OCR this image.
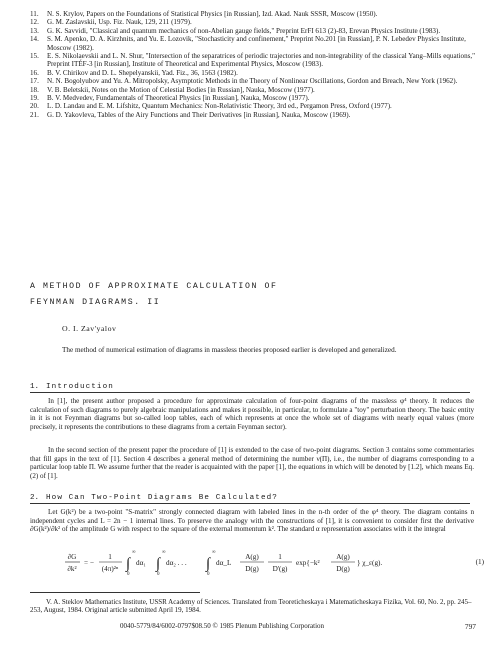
11.	N. S. Krylov, Papers on the Foundations of Statistical Physics [in Russian], Izd. Akad. Nauk SSSR, Moscow (1950).
12.	G. M. Zaslavskii, Usp. Fiz. Nauk, 129, 211 (1979).
13.	G. K. Savvidi, "Classical and quantum mechanics of non-Abelian gauge fields," Preprint ErFI 613 (2)-83, Erevan Physics Institute (1983).
14.	S. M. Apenko, D. A. Kirzhnits, and Yu. E. Lozovik, "Stochasticity and confinement," Preprint No.201 [in Russian], P. N. Lebedev Physics Institute, Moscow (1982).
15.	E. S. Nikolaevskii and L. N. Shur, "Intersection of the separatrices of periodic trajectories and non-integrability of the classical Yang–Mills equations," Preprint ITÉF-3 [in Russian], Institute of Theoretical and Experimental Physics, Moscow (1983).
16.	B. V. Chirikov and D. L. Shepelyanskii, Yad. Fiz., 36, 1563 (1982).
17.	N. N. Bogolyubov and Yu. A. Mitropolsky, Asymptotic Methods in the Theory of Nonlinear Oscillations, Gordon and Breach, New York (1962).
18.	V. B. Beletskii, Notes on the Motion of Celestial Bodies [in Russian], Nauka, Moscow (1977).
19.	B. V. Medvedev, Fundamentals of Theoretical Physics [in Russian], Nauka, Moscow (1977).
20.	L. D. Landau and E. M. Lifshitz, Quantum Mechanics: Non-Relativistic Theory, 3rd ed., Pergamon Press, Oxford (1977).
21.	G. D. Yakovleva, Tables of the Airy Functions and Their Derivatives [in Russian], Nauka, Moscow (1969).
A METHOD OF APPROXIMATE CALCULATION OF
FEYNMAN DIAGRAMS. II
O. I. Zav'yalov
The method of numerical estimation of diagrams in massless theories proposed earlier is developed and generalized.
1. Introduction
In [1], the present author proposed a procedure for approximate calculation of four-point diagrams of the massless φ⁴ theory. It reduces the calculation of such diagrams to purely algebraic manipulations and makes it possible, in particular, to formulate a "toy" perturbation theory. The basic entity in it is not Feynman diagrams but so-called loop tables, each of which represents at once the whole set of diagrams with nearly equal values (more precisely, it represents the contributions to these diagrams from a certain Feynman sector).
In the second section of the present paper the procedure of [1] is extended to the case of two-point diagrams. Section 3 contains some commentaries that fill gaps in the text of [1]. Section 4 describes a general method of determining the number ν(Π), i.e., the number of diagrams corresponding to a particular loop table Π. We assume further that the reader is acquainted with the paper [1], the equations in which will be denoted by [1.2], which means Eq. (2) of [1].
2. How Can Two-Point Diagrams Be Calculated?
Let G(k²) be a two-point "S-matrix" strongly connected diagram with labeled lines in the n-th order of the φ⁴ theory. The diagram contains n independent cycles and L = 2n − 1 internal lines. To preserve the analogy with the constructions of [1], it is convenient to consider first the derivative ∂G(k²)/∂k² of the amplitude G with respect to the square of the external momentum k². The standard α representation associates with it the integral
∂G
∂k²
= −
1
(4π)²ⁿ ∫
∞
0
dα₁ ∫
∞
0
dα₂ . . . ∫
∞
0
dα_L
A(g)
D(g)
1
D'(g)
exp{−k²
A(g)
D(g)
} χ_ε(g).	(1)
V. A. Steklov Mathematics Institute, USSR Academy of Sciences. Translated from Teoreticheskaya i Matematicheskaya Fizika, Vol. 60, No. 2, pp. 245–253, August, 1984. Original article submitted April 19, 1984.
0040-5779/84/6002-0797$08.50 © 1985 Plenum Publishing Corporation	797
